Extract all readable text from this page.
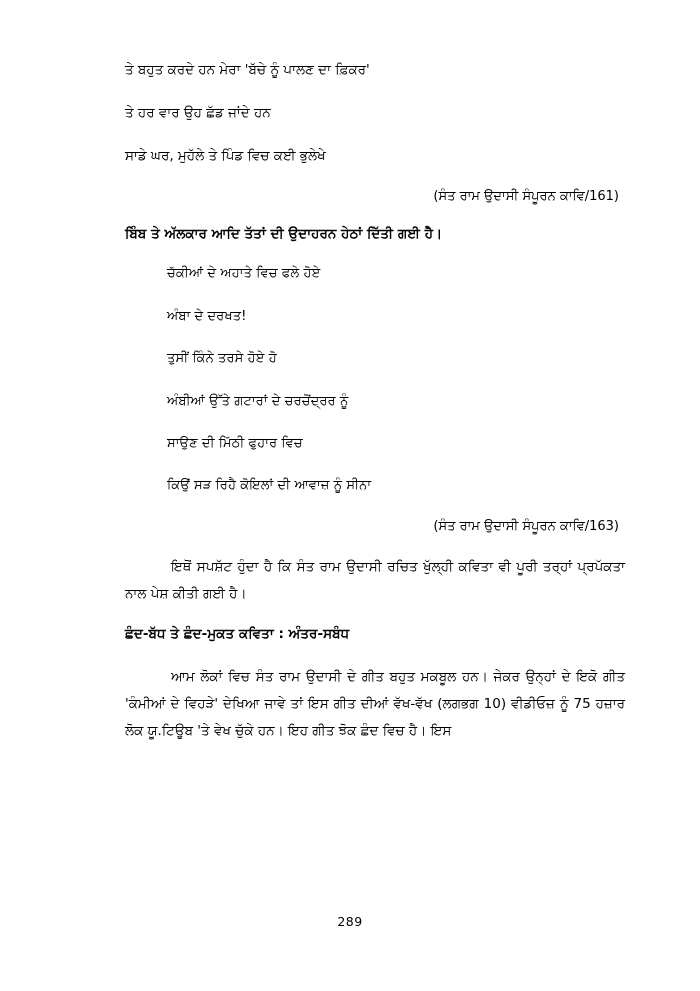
ਤੇ ਬਹੁਤ ਕਰਦੇ ਹਨ ਮੇਰਾ 'ਬੱਚੇ ਨੂੰ ਪਾਲਣ ਦਾ ਫ਼ਿਕਰ'

ਤੇ ਹਰ ਵਾਰ ਉਹ ਛੱਡ ਜਾਂਦੇ ਹਨ

ਸਾਡੇ ਘਰ, ਮੁਹੱਲੇ ਤੇ ਪਿੰਡ ਵਿਚ ਕਈ ਭੁਲੇਖੇ

(ਸੰਤ ਰਾਮ ਉਦਾਸੀ ਸੰਪੂਰਨ ਕਾਵਿ/161)

ਬਿੰਬ ਤੇ ਅੱਲਕਾਰ ਆਦਿ ਤੱਤਾਂ ਦੀ ਉਦਾਹਰਨ ਹੇਠਾਂ ਦਿੱਤੀ ਗਈ ਹੈ।

ਚੱਕੀਆਂ ਦੇ ਅਹਾਤੇ ਵਿਚ ਫਲੇ ਹੋਏ

ਅੰਬਾ ਦੇ ਦਰਖਤ!

ਤੁਸੀਂ ਕਿੰਨੇ ਤਰਸੇ ਹੋਏ ਹੋ

ਅੰਬੀਆਂ ਉੱਤੇ ਗਟਾਰਾਂ ਦੇ ਚਰਚੋਂਦ੍ਰਰ ਨੂੰ

ਸਾਉਣ ਦੀ ਮਿੱਠੀ ਫੁਹਾਰ ਵਿਚ

ਕਿਉਂ ਸੜ ਰਿਹੈ ਕੋਇਲਾਂ ਦੀ ਆਵਾਜ਼ ਨੂੰ ਸੀਨਾ

(ਸੰਤ ਰਾਮ ਉਦਾਸੀ ਸੰਪੂਰਨ ਕਾਵਿ/163)

ਇਥੋਂ ਸਪਸ਼ੱਟ ਹੁੰਦਾ ਹੈ ਕਿ ਸੰਤ ਰਾਮ ਉਦਾਸੀ ਰਚਿਤ ਖੁੱਲ੍ਹੀ ਕਵਿਤਾ ਵੀ ਪੂਰੀ ਤਰ੍ਹਾਂ ਪ੍ਰਪੱਕਤਾ ਨਾਲ ਪੇਸ਼ ਕੀਤੀ ਗਈ ਹੈ।

ਛੰਦ-ਬੱਧ ਤੇ ਛੰਦ-ਮੁਕਤ ਕਵਿਤਾ : ਅੰਤਰ-ਸਬੰਧ

ਆਮ ਲੋਕਾਂ ਵਿਚ ਸੰਤ ਰਾਮ ਉਦਾਸੀ ਦੇ ਗੀਤ ਬਹੁਤ ਮਕਬੂਲ ਹਨ। ਜੇਕਰ ਉਨ੍ਹਾਂ ਦੇ ਇਕੋ ਗੀਤ 'ਕੰਮੀਆਂ ਦੇ ਵਿਹੜੇ' ਦੇਖਿਆ ਜਾਵੇ ਤਾਂ ਇਸ ਗੀਤ ਦੀਆਂ ਵੱਖ-ਵੱਖ (ਲਗਭਗ 10) ਵੀਡੀਓਜ਼ ਨੂੰ 75 ਹਜ਼ਾਰ ਲੋਕ ਯੂ.ਟਿਊਬ 'ਤੇ ਵੇਖ ਚੁੱਕੇ ਹਨ। ਇਹ ਗੀਤ ਝੋਕ ਛੰਦ ਵਿਚ ਹੈ। ਇਸ

289
